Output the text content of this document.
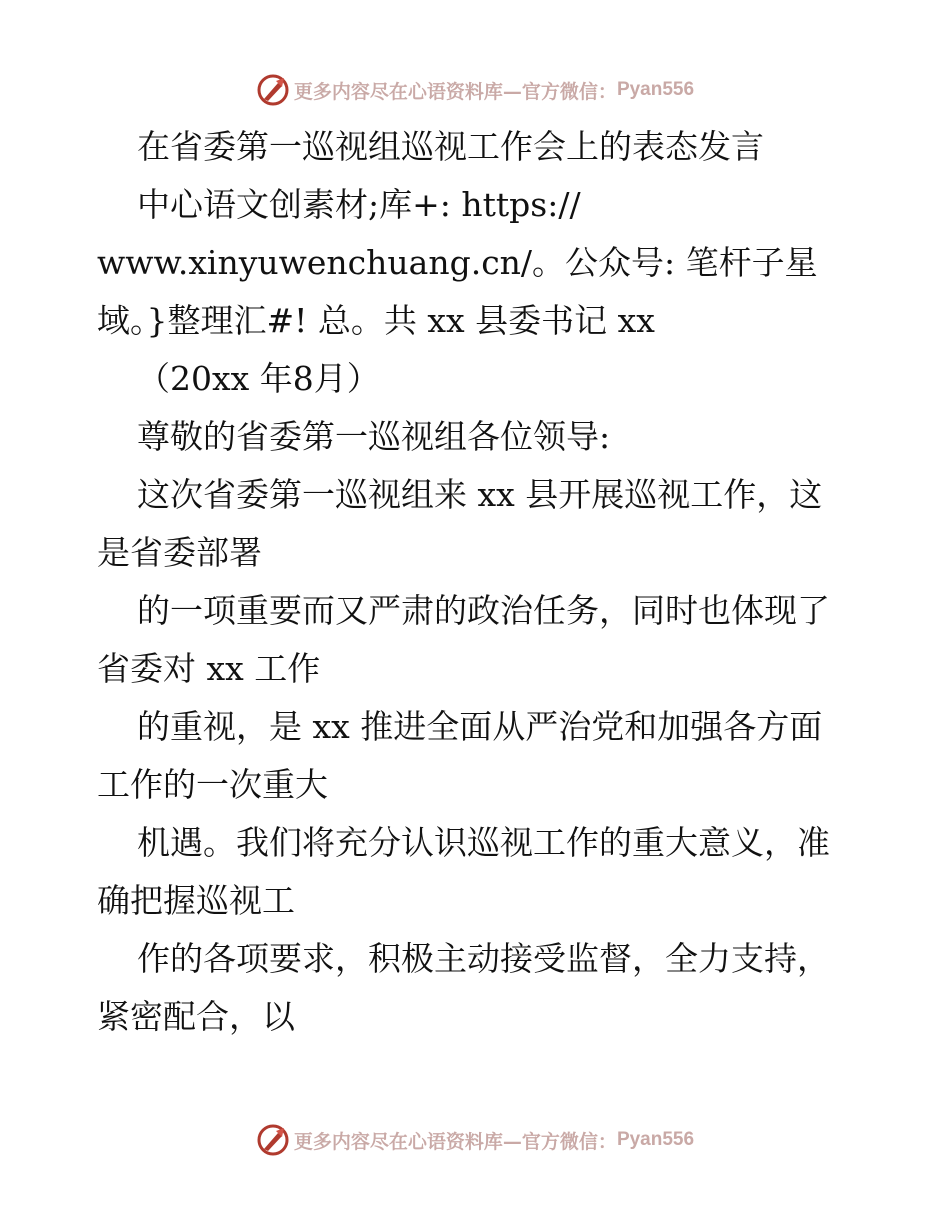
更多内容尽在心语资料库—官方微信： Pyan556
在省委第一巡视组巡视工作会上的表态发言
中心语文创素材;库+: https://
www.xinyuwenchuang.cn/。公众号: 笔杆子星
域。}整理汇#! 总。共 xx 县委书记 xx
（20xx 年8月）
尊敬的省委第一巡视组各位领导:
这次省委第一巡视组来 xx 县开展巡视工作，这
是省委部署
的一项重要而又严肃的政治任务，同时也体现了
省委对 xx 工作
的重视，是 xx 推进全面从严治党和加强各方面
工作的一次重大
机遇。我们将充分认识巡视工作的重大意义，准
确把握巡视工
作的各项要求，积极主动接受监督，全力支持，
紧密配合，以
更多内容尽在心语资料库—官方微信： Pyan556
